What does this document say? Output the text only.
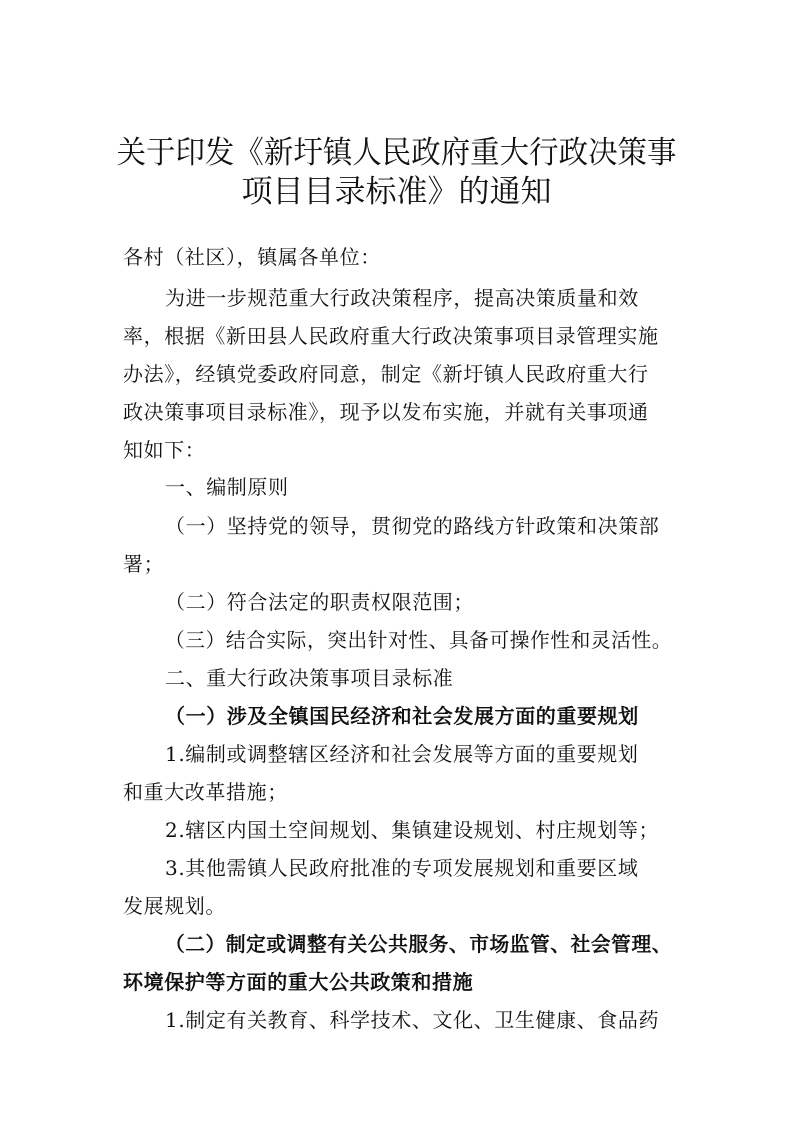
关于印发《新圩镇人民政府重大行政决策事
项目目录标准》的通知
各村（社区），镇属各单位：
为进一步规范重大行政决策程序，提高决策质量和效
率，根据《新田县人民政府重大行政决策事项目录管理实施
办法》，经镇党委政府同意，制定《新圩镇人民政府重大行
政决策事项目录标准》，现予以发布实施，并就有关事项通
知如下：
一、编制原则
（一）坚持党的领导，贯彻党的路线方针政策和决策部
署；
（二）符合法定的职责权限范围；
（三）结合实际，突出针对性、具备可操作性和灵活性。
二、重大行政决策事项目录标准
（一）涉及全镇国民经济和社会发展方面的重要规划
1.编制或调整辖区经济和社会发展等方面的重要规划
和重大改革措施；
2.辖区内国土空间规划、集镇建设规划、村庄规划等；
3.其他需镇人民政府批准的专项发展规划和重要区域
发展规划。
（二）制定或调整有关公共服务、市场监管、社会管理、
环境保护等方面的重大公共政策和措施
1.制定有关教育、科学技术、文化、卫生健康、食品药
